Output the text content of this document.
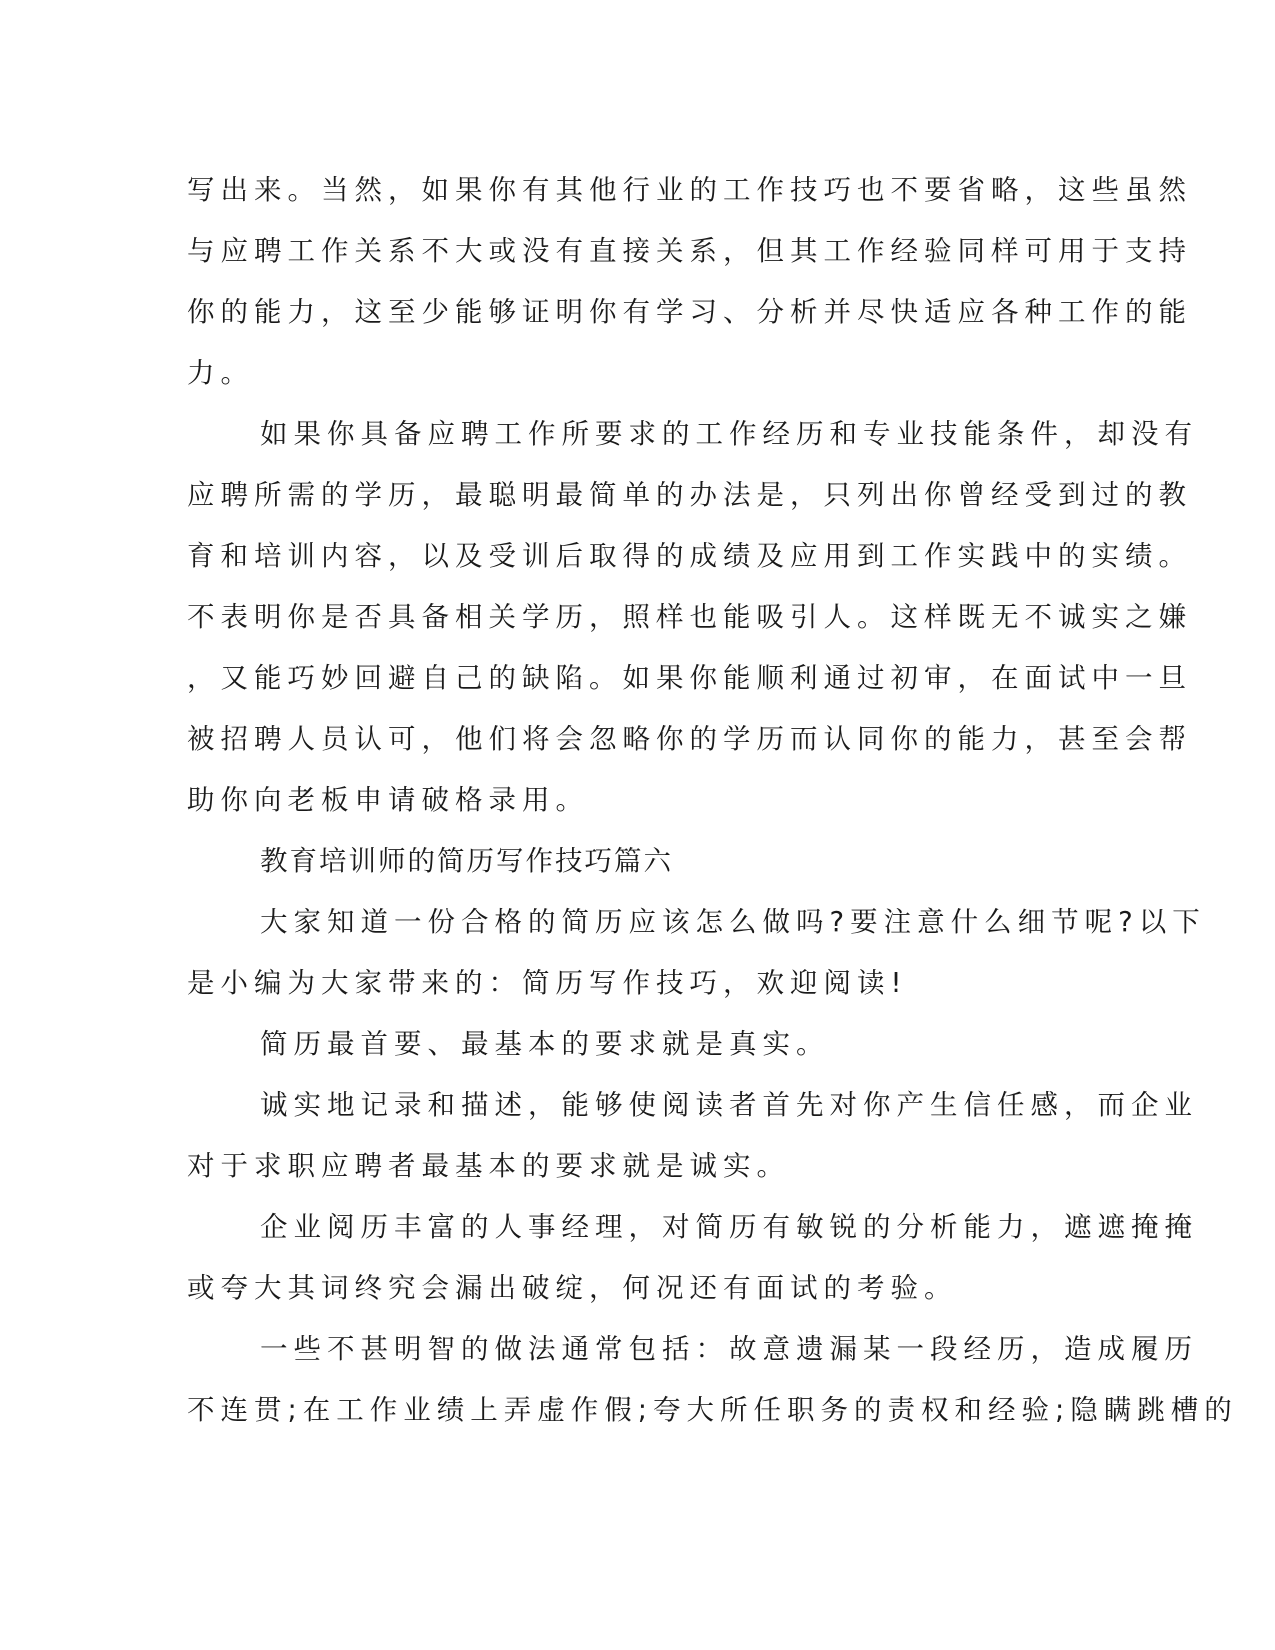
写出来。当然，如果你有其他行业的工作技巧也不要省略，这些虽然

与应聘工作关系不大或没有直接关系，但其工作经验同样可用于支持

你的能力，这至少能够证明你有学习、分析并尽快适应各种工作的能

力。

如果你具备应聘工作所要求的工作经历和专业技能条件，却没有

应聘所需的学历，最聪明最简单的办法是，只列出你曾经受到过的教

育和培训内容，以及受训后取得的成绩及应用到工作实践中的实绩。

不表明你是否具备相关学历，照样也能吸引人。这样既无不诚实之嫌

，又能巧妙回避自己的缺陷。如果你能顺利通过初审，在面试中一旦

被招聘人员认可，他们将会忽略你的学历而认同你的能力，甚至会帮

助你向老板申请破格录用。

教育培训师的简历写作技巧篇六

大家知道一份合格的简历应该怎么做吗?要注意什么细节呢?以下

是小编为大家带来的：简历写作技巧，欢迎阅读!

简历最首要、最基本的要求就是真实。

诚实地记录和描述，能够使阅读者首先对你产生信任感，而企业

对于求职应聘者最基本的要求就是诚实。

企业阅历丰富的人事经理，对简历有敏锐的分析能力，遮遮掩掩

或夸大其词终究会漏出破绽，何况还有面试的考验。

一些不甚明智的做法通常包括：故意遗漏某一段经历，造成履历

不连贯;在工作业绩上弄虚作假;夸大所任职务的责权和经验;隐瞒跳槽的
